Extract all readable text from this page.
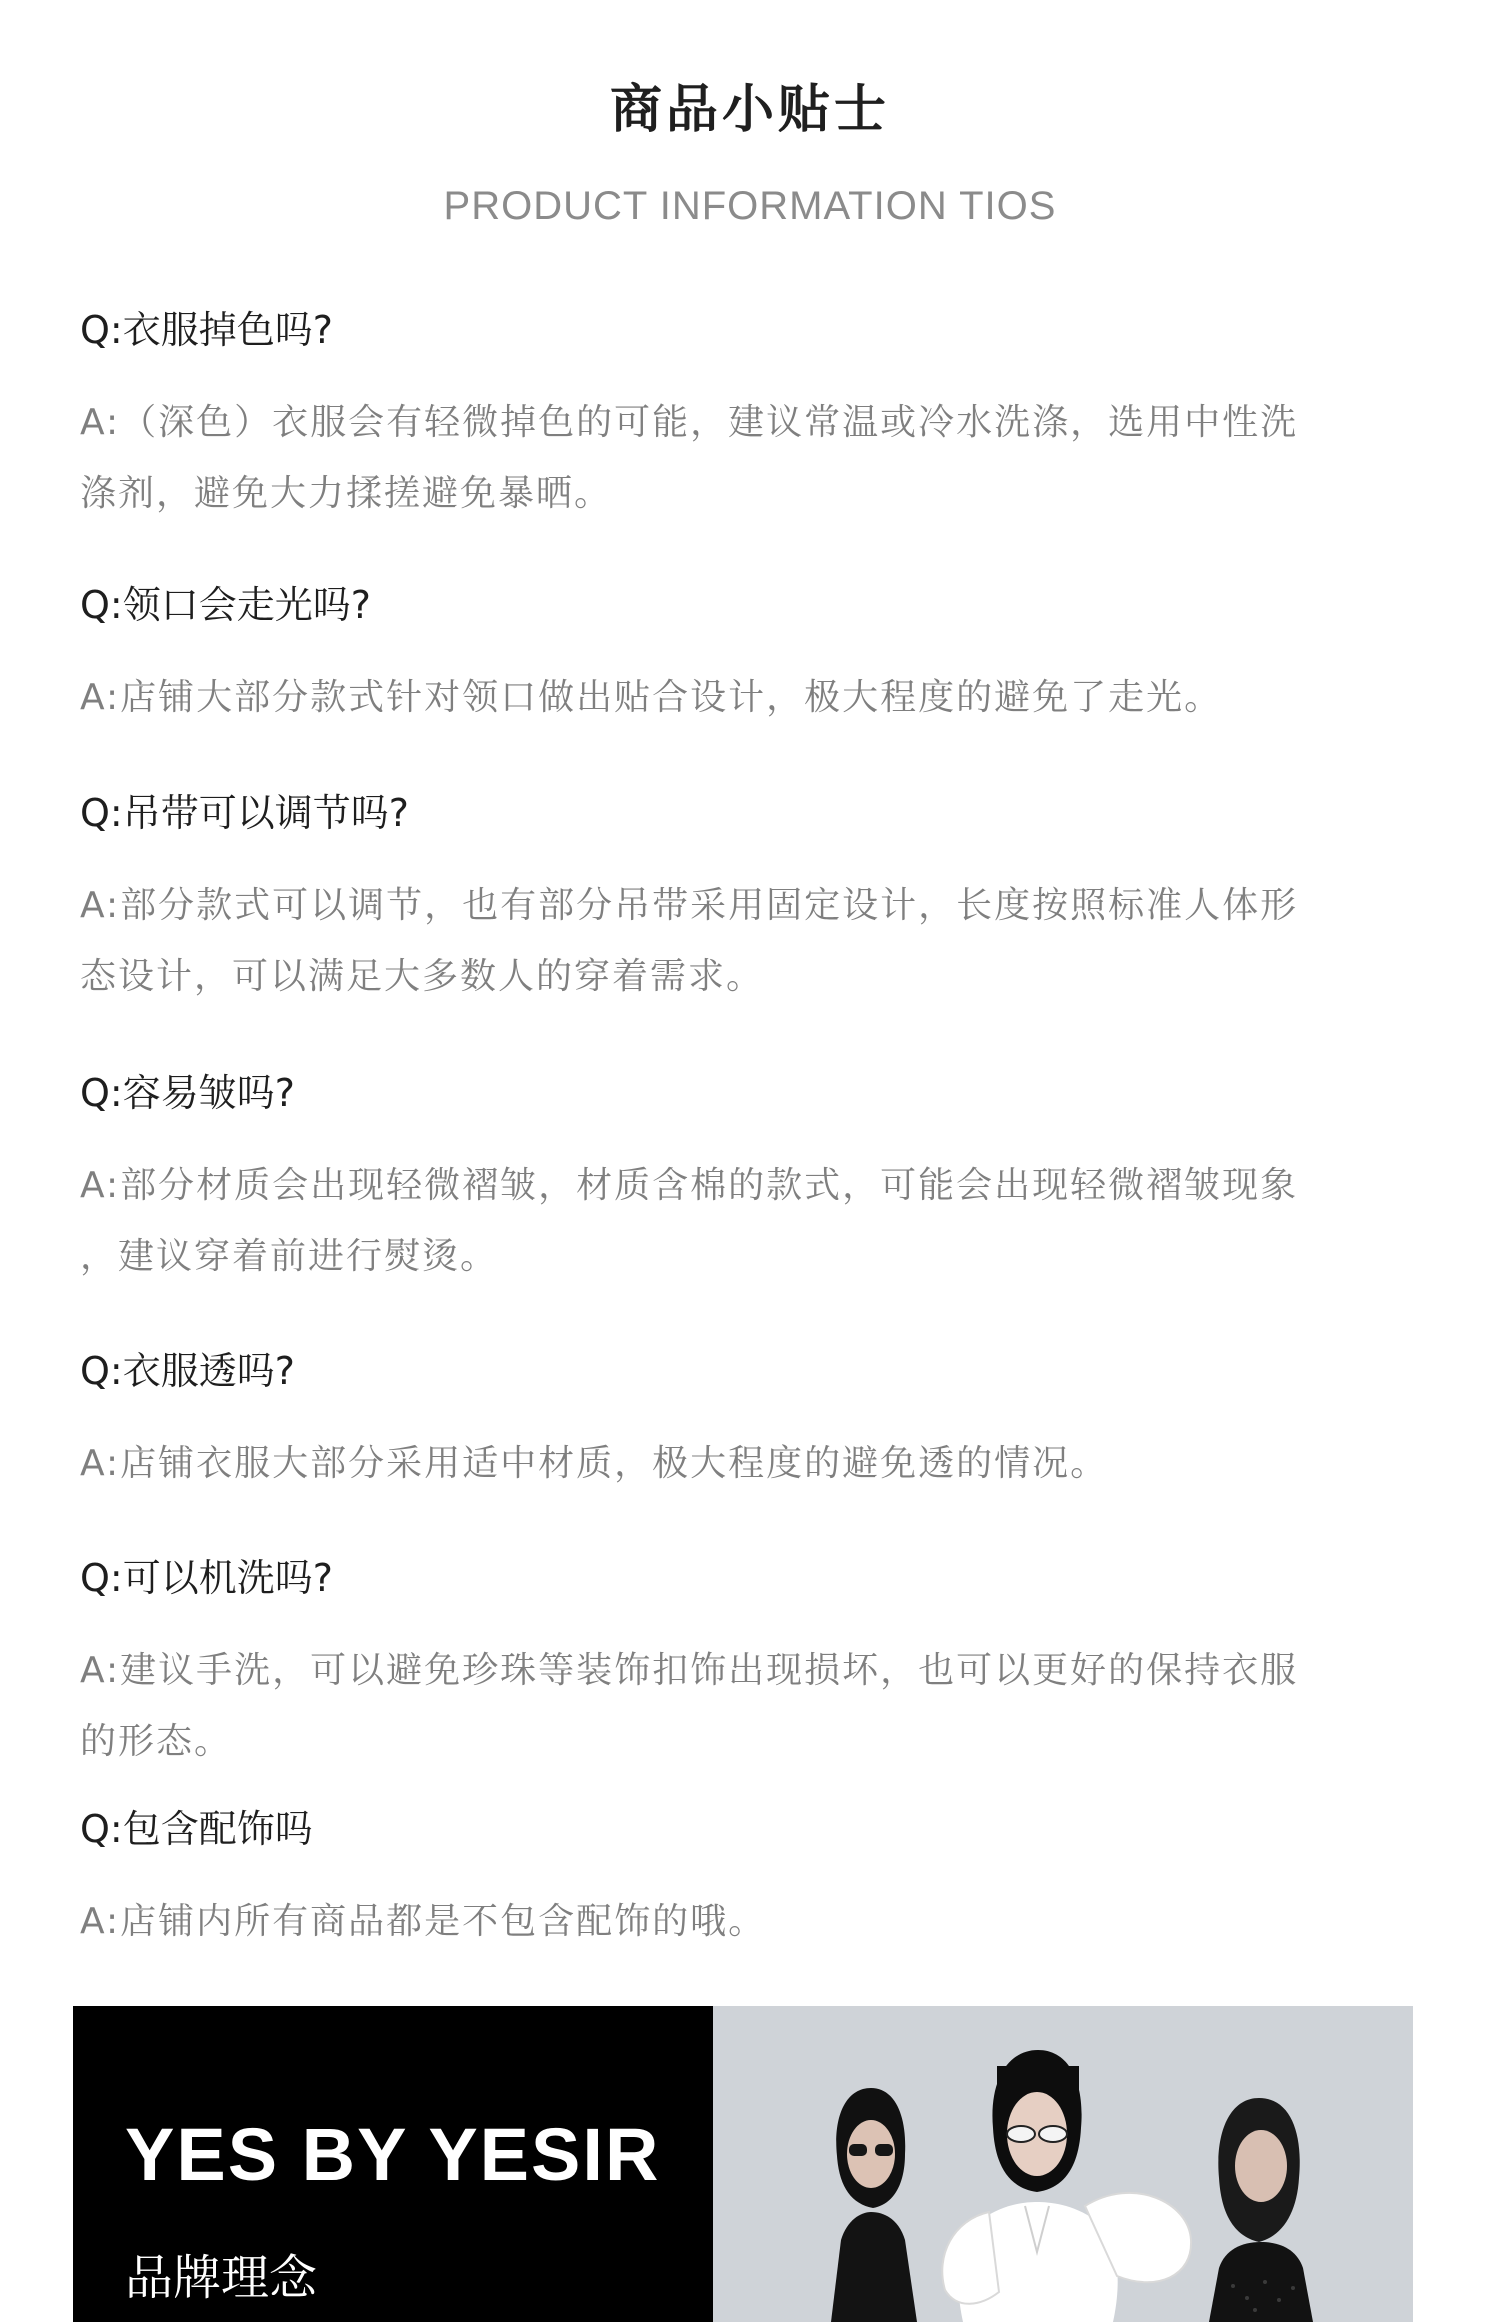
商品小贴士
PRODUCT INFORMATION TIOS

Q:衣服掉色吗?

A:（深色）衣服会有轻微掉色的可能，建议常温或冷水洗涤，选用中性洗

涤剂，避免大力揉搓避免暴晒。

Q:领口会走光吗?

A:店铺大部分款式针对领口做出贴合设计，极大程度的避免了走光。

Q:吊带可以调节吗?

A:部分款式可以调节，也有部分吊带采用固定设计，长度按照标准人体形

态设计，可以满足大多数人的穿着需求。

Q:容易皱吗?

A:部分材质会出现轻微褶皱，材质含棉的款式，可能会出现轻微褶皱现象

，建议穿着前进行熨烫。

Q:衣服透吗?

A:店铺衣服大部分采用适中材质，极大程度的避免透的情况。

Q:可以机洗吗?

A:建议手洗，可以避免珍珠等装饰扣饰出现损坏，也可以更好的保持衣服

的形态。

Q:包含配饰吗

A:店铺内所有商品都是不包含配饰的哦。

YES BY YESIR
品牌理念
